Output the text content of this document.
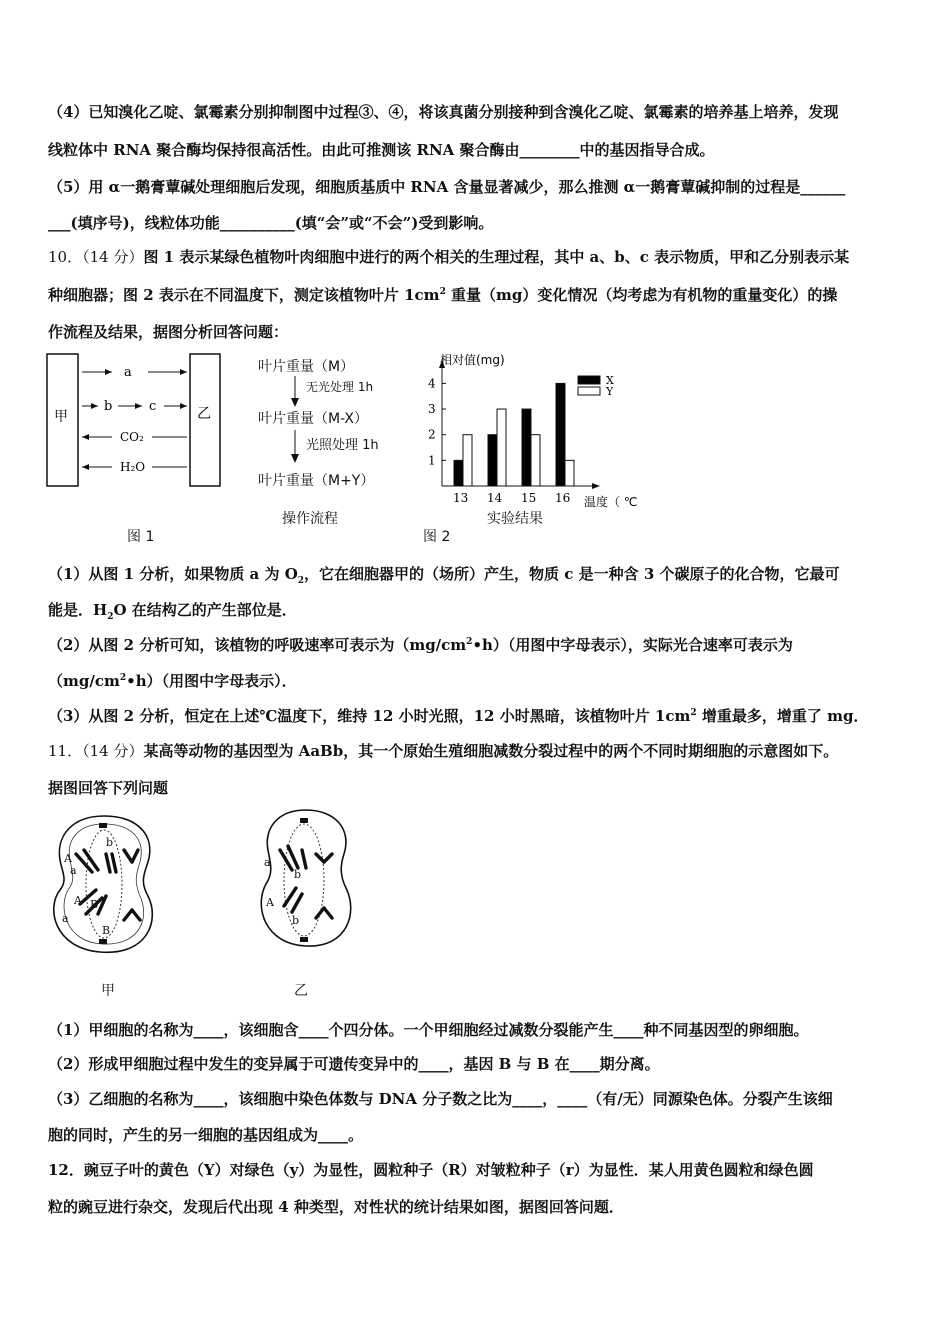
（4）已知溴化乙啶、氯霉素分别抑制图中过程③、④，将该真菌分别接种到含溴化乙啶、氯霉素的培养基上培养，发现
线粒体中 RNA 聚合酶均保持很高活性。由此可推测该 RNA 聚合酶由________中的基因指导合成。
（5）用 α一鹅膏蕈碱处理细胞后发现，细胞质基质中 RNA 含量显著减少，那么推测 α一鹅膏蕈碱抑制的过程是______
___(填序号)，线粒体功能__________(填“会”或“不会”)受到影响。
10．（14 分）图 1 表示某绿色植物叶肉细胞中进行的两个相关的生理过程，其中 a、b、c 表示物质，甲和乙分别表示某
种细胞器；图 2 表示在不同温度下，测定该植物叶片 $1cm^2$ 重量（mg）变化情况（均考虑为有机物的重量变化）的操
作流程及结果，据图分析回答问题：
甲	乙
a
b	c
CO₂
H₂O
图 1
叶片重量（M）
无光处理 1h
叶片重量（M-X）
光照处理 1h
叶片重量（M+Y）
操作流程
相对值(mg)
1
2
3
4
13 14 15 16 温度（ ℃
X
Y
图 2
实验结果
（1）从图 1 分析，如果物质 a 为 $O_2$，它在细胞器甲的（场所）产生，物质 c 是一种含 3 个碳原子的化合物，它最可
能是．$H_2O$ 在结构乙的产生部位是．
（2）从图 2 分析可知，该植物的呼吸速率可表示为$(mg/cm^2•h)$（用图中字母表示），实际光合速率可表示为
$(mg/cm^2•h)$（用图中字母表示）．
（3）从图 2 分析，恒定在上述℃温度下，维持 12 小时光照，12 小时黑暗，该植物叶片 $1cm^2$ 增重最多，增重了 mg．
11．（14 分）某高等动物的基因型为 AaBb，其一个原始生殖细胞减数分裂过程中的两个不同时期细胞的示意图如下。
据图回答下列问题
A
a
b
A
a
B
B
甲
a
b
A
b
乙
（1）甲细胞的名称为____，该细胞含____个四分体。一个甲细胞经过减数分裂能产生____种不同基因型的卵细胞。
（2）形成甲细胞过程中发生的变异属于可遗传变异中的____，基因 B 与 B 在____期分离。
（3）乙细胞的名称为____，该细胞中染色体数与 DNA 分子数之比为____，____（有/无）同源染色体。分裂产生该细
胞的同时，产生的另一细胞的基因组成为____。
12．豌豆子叶的黄色（Y）对绿色（y）为显性，圆粒种子（R）对皱粒种子（r）为显性．某人用黄色圆粒和绿色圆
粒的豌豆进行杂交，发现后代出现 4 种类型，对性状的统计结果如图，据图回答问题．
